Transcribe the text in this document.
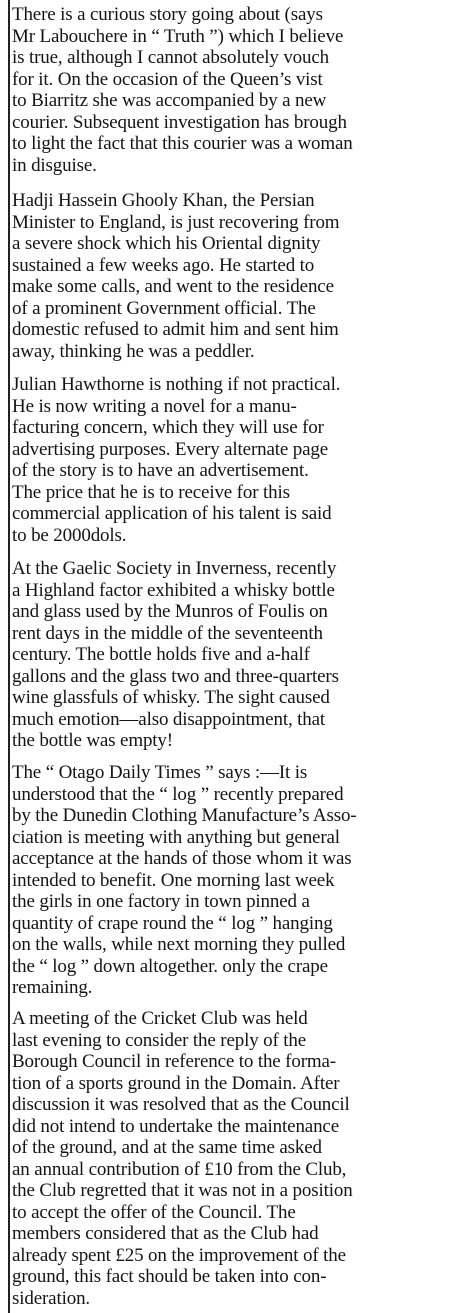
There is a curious story going about (says
Mr Labouchere in “ Truth ”) which I believe
is true, although I cannot absolutely vouch
for it. On the occasion of the Queen’s vist
to Biarritz she was accompanied by a new
courier. Subsequent investigation has brough
to light the fact that this courier was a woman
in disguise.
Hadji Hassein Ghooly Khan, the Persian
Minister to England, is just recovering from
a severe shock which his Oriental dignity
sustained a few weeks ago. He started to
make some calls, and went to the residence
of a prominent Government official. The
domestic refused to admit him and sent him
away, thinking he was a peddler.
Julian Hawthorne is nothing if not practical.
He is now writing a novel for a manu-
facturing concern, which they will use for
advertising purposes. Every alternate page
of the story is to have an advertisement.
The price that he is to receive for this
commercial application of his talent is said
to be 2000dols.
At the Gaelic Society in Inverness, recently
a Highland factor exhibited a whisky bottle
and glass used by the Munros of Foulis on
rent days in the middle of the seventeenth
century. The bottle holds five and a-half
gallons and the glass two and three-quarters
wine glassfuls of whisky. The sight caused
much emotion—also disappointment, that
the bottle was empty!
The “ Otago Daily Times ” says :—It is
understood that the “ log ” recently prepared
by the Dunedin Clothing Manufacture’s Asso-
ciation is meeting with anything but general
acceptance at the hands of those whom it was
intended to benefit. One morning last week
the girls in one factory in town pinned a
quantity of crape round the “ log ” hanging
on the walls, while next morning they pulled
the “ log ” down altogether. only the crape
remaining.
A meeting of the Cricket Club was held
last evening to consider the reply of the
Borough Council in reference to the forma-
tion of a sports ground in the Domain. After
discussion it was resolved that as the Council
did not intend to undertake the maintenance
of the ground, and at the same time asked
an annual contribution of £10 from the Club,
the Club regretted that it was not in a position
to accept the offer of the Council. The
members considered that as the Club had
already spent £25 on the improvement of the
ground, this fact should be taken into con-
sideration.
